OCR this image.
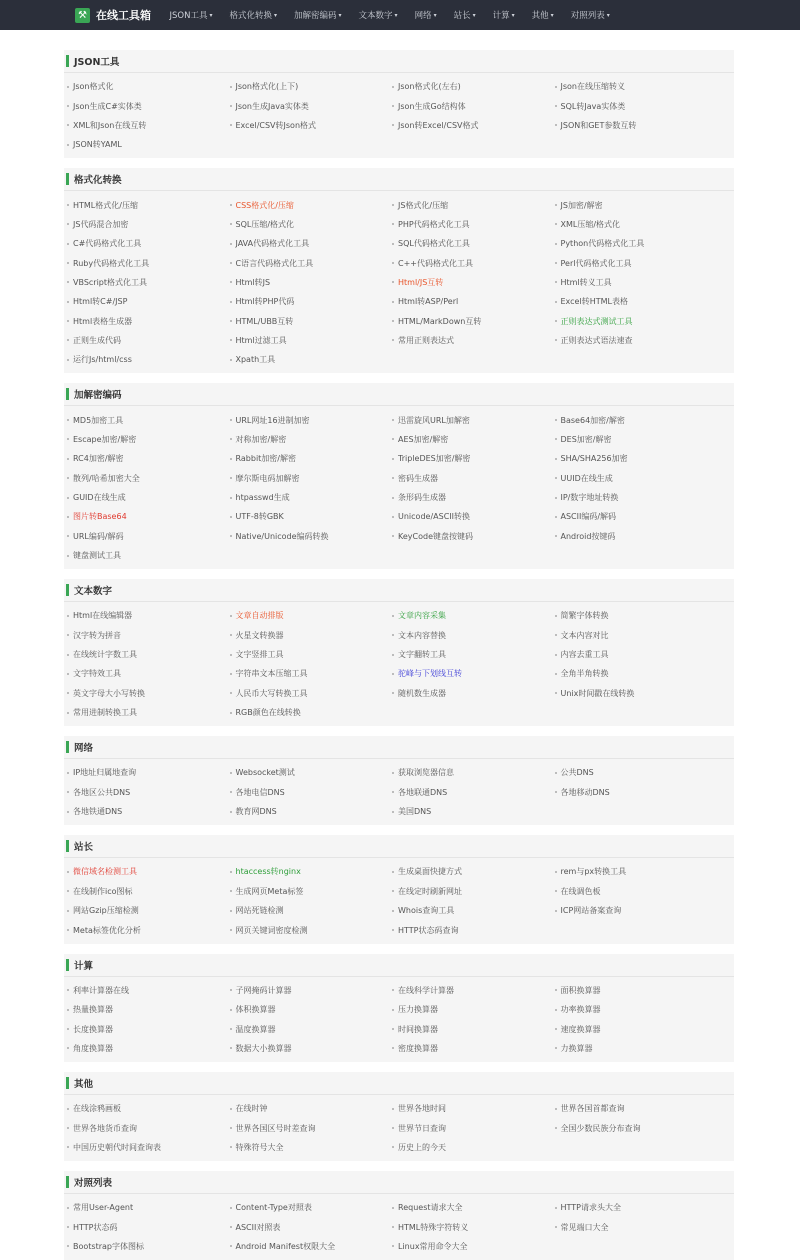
⚒ 在线工具箱 JSON工具 ▾ 格式化转换 ▾ 加解密编码 ▾ 文本数字 ▾ 网络 ▾ 站长 ▾ 计算 ▾ 其他 ▾ 对照列表 ▾
JSON工具
Json格式化	Json格式化(上下)	Json格式化(左右)	Json在线压缩转义
Json生成C#实体类	Json生成Java实体类	Json生成Go结构体	SQL转Java实体类
XML和Json在线互转	Excel/CSV转Json格式	Json转Excel/CSV格式	JSON和GET参数互转
JSON转YAML
格式化转换
HTML格式化/压缩	CSS格式化/压缩	JS格式化/压缩	JS加密/解密
JS代码混合加密	SQL压缩/格式化	PHP代码格式化工具	XML压缩/格式化
C#代码格式化工具	JAVA代码格式化工具	SQL代码格式化工具	Python代码格式化工具
Ruby代码格式化工具	C语言代码格式化工具	C++代码格式化工具	Perl代码格式化工具
VBScript格式化工具	Html转JS	Html/JS互转	Html转义工具
Html转C#/JSP	Html转PHP代码	Html转ASP/Perl	Excel转HTML表格
Html表格生成器	HTML/UBB互转	HTML/MarkDown互转	正则表达式测试工具
正则生成代码	Html过滤工具	常用正则表达式	正则表达式语法速查
运行Js/html/css	Xpath工具
加解密编码
MD5加密工具	URL网址16进制加密	迅雷旋风URL加解密	Base64加密/解密
Escape加密/解密	对称加密/解密	AES加密/解密	DES加密/解密
RC4加密/解密	Rabbit加密/解密	TripleDES加密/解密	SHA/SHA256加密
散列/哈希加密大全	摩尔斯电码加解密	密码生成器	UUID在线生成
GUID在线生成	htpasswd生成	条形码生成器	IP/数字地址转换
图片转Base64	UTF-8转GBK	Unicode/ASCII转换	ASCII编码/解码
URL编码/解码	Native/Unicode编码转换	KeyCode键盘按键码	Android按键码
键盘测试工具
文本数字
Html在线编辑器	文章自动排版	文章内容采集	简繁字体转换
汉字转为拼音	火星文转换器	文本内容替换	文本内容对比
在线统计字数工具	文字竖排工具	文字翻转工具	内容去重工具
文字特效工具	字符串文本压缩工具	驼峰与下划线互转	全角半角转换
英文字母大小写转换	人民币大写转换工具	随机数生成器	Unix时间戳在线转换
常用进制转换工具	RGB颜色在线转换
网络
IP地址归属地查询	Websocket测试	获取浏览器信息	公共DNS
各地区公共DNS	各地电信DNS	各地联通DNS	各地移动DNS
各地铁通DNS	教育网DNS	美国DNS
站长
微信域名检测工具	htaccess转nginx	生成桌面快捷方式	rem与px转换工具
在线制作ico图标	生成网页Meta标签	在线定时刷新网址	在线调色板
网站Gzip压缩检测	网站死链检测	Whois查询工具	ICP网站备案查询
Meta标签优化分析	网页关键词密度检测	HTTP状态码查询
计算
利率计算器在线	子网掩码计算器	在线科学计算器	面积换算器
热量换算器	体积换算器	压力换算器	功率换算器
长度换算器	温度换算器	时间换算器	速度换算器
角度换算器	数据大小换算器	密度换算器	力换算器
其他
在线涂鸦画板	在线时钟	世界各地时间	世界各国首都查询
世界各地货币查询	世界各国区号时差查询	世界节日查询	全国少数民族分布查询
中国历史朝代时间查询表	特殊符号大全	历史上的今天
对照列表
常用User-Agent	Content-Type对照表	Request请求大全	HTTP请求头大全
HTTP状态码	ASCII对照表	HTML特殊字符转义	常见端口大全
Bootstrap字体图标	Android Manifest权限大全	Linux常用命令大全
